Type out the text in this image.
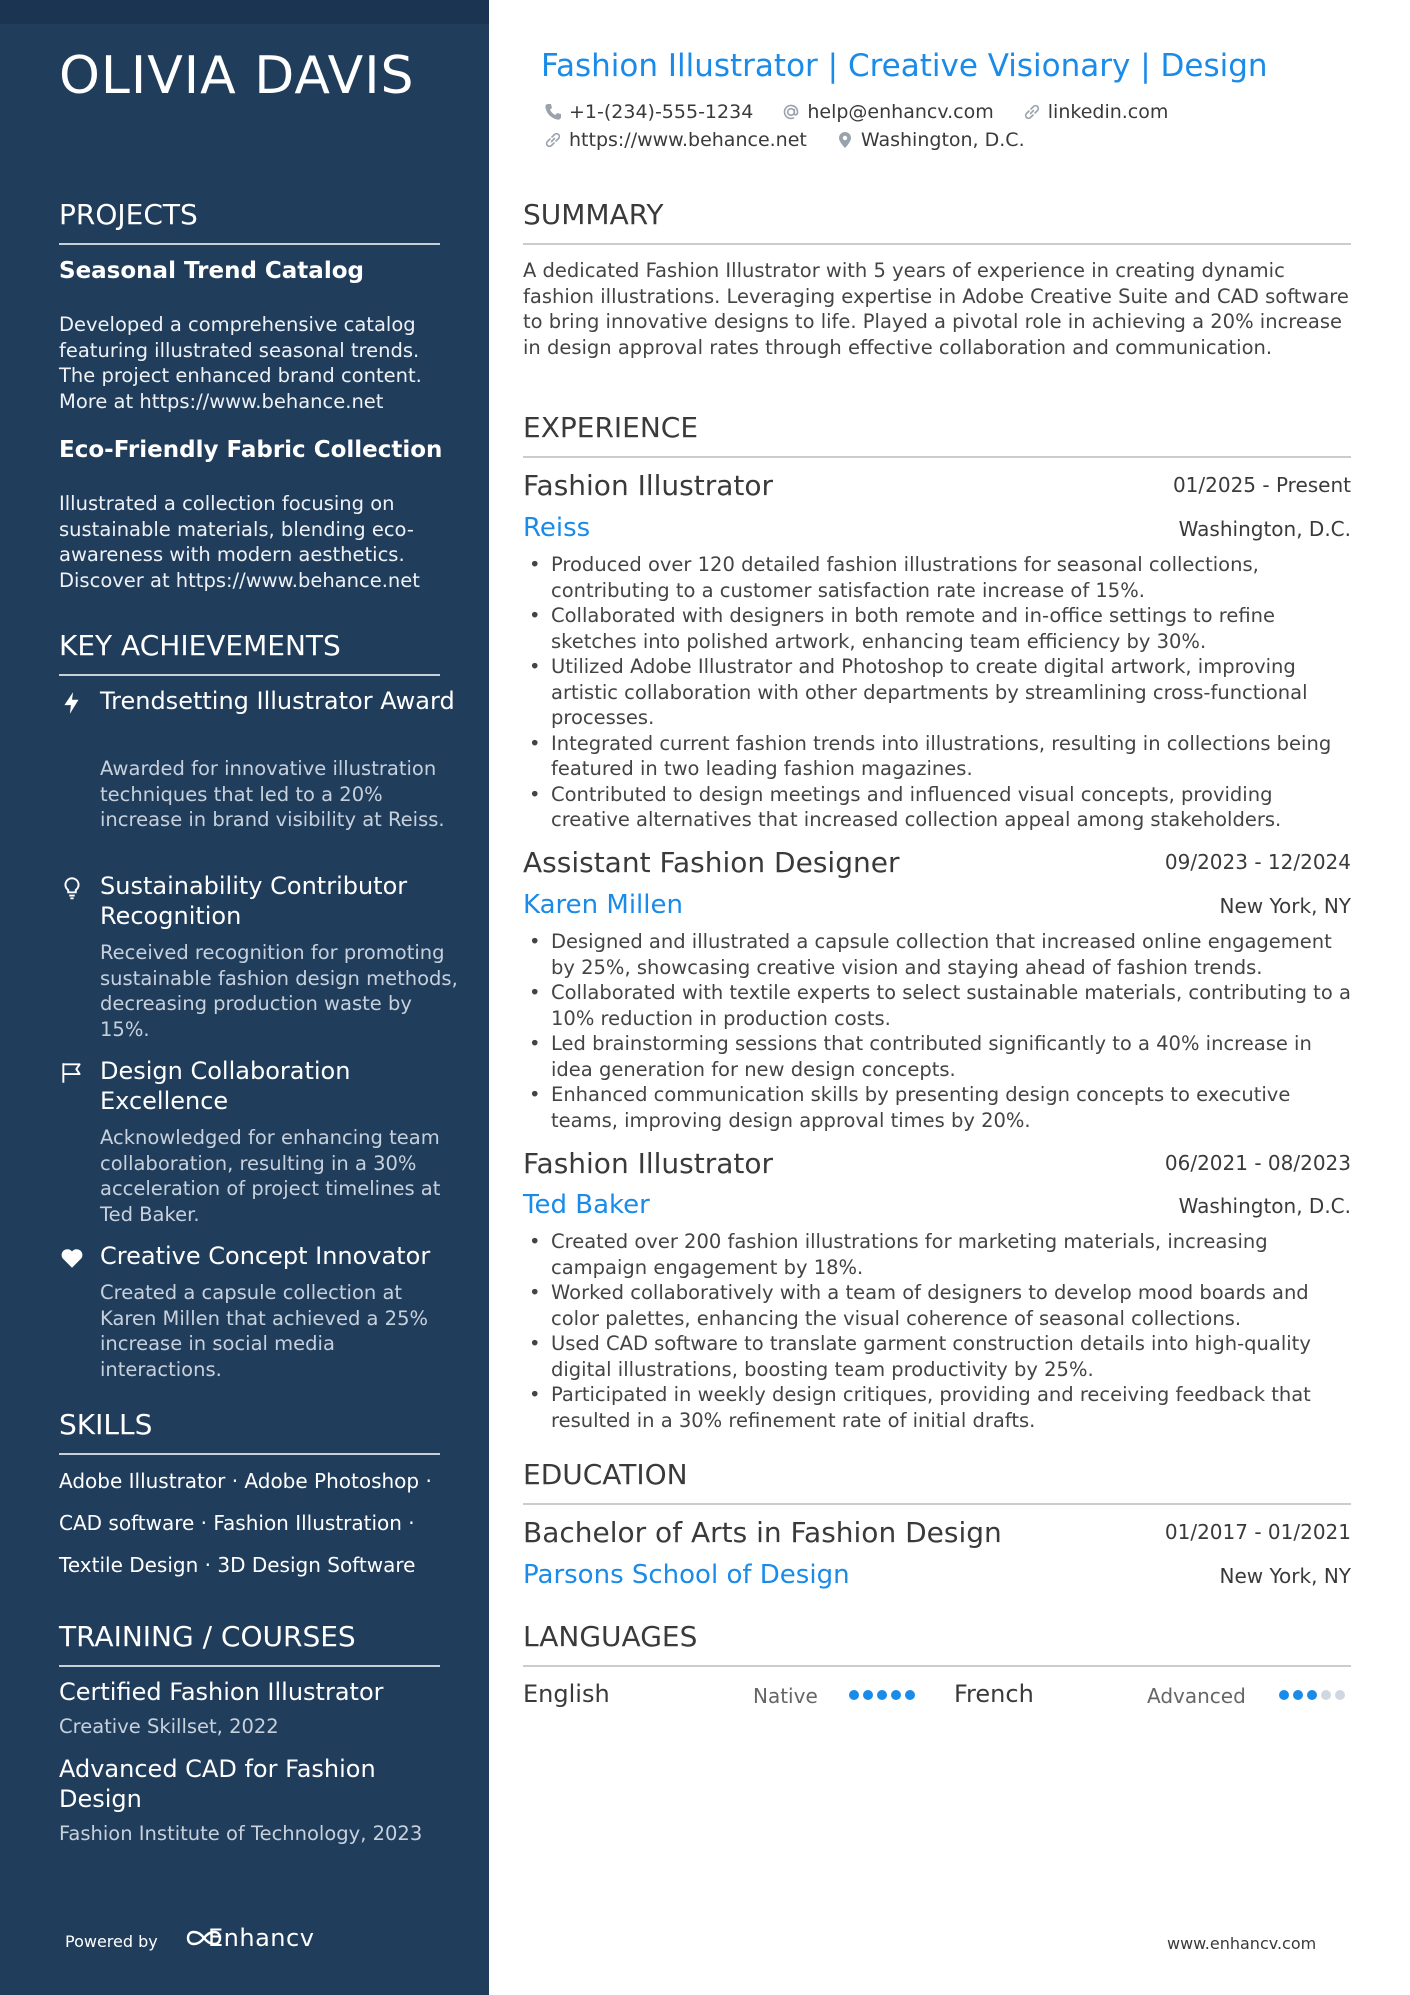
OLIVIA DAVIS
PROJECTS
Seasonal Trend Catalog
Developed a comprehensive catalog featuring illustrated seasonal trends. The project enhanced brand content. More at https://www.behance.net
Eco-Friendly Fabric Collection
Illustrated a collection focusing on sustainable materials, blending eco-awareness with modern aesthetics. Discover at https://www.behance.net
KEY ACHIEVEMENTS
Trendsetting Illustrator Award
Awarded for innovative illustration techniques that led to a 20% increase in brand visibility at Reiss.
Sustainability Contributor Recognition
Received recognition for promoting sustainable fashion design methods, decreasing production waste by 15%.
Design Collaboration Excellence
Acknowledged for enhancing team collaboration, resulting in a 30% acceleration of project timelines at Ted Baker.
Creative Concept Innovator
Created a capsule collection at Karen Millen that achieved a 25% increase in social media interactions.
SKILLS
Adobe Illustrator · Adobe Photoshop ·
CAD software · Fashion Illustration ·
Textile Design · 3D Design Software
TRAINING / COURSES
Certified Fashion Illustrator
Creative Skillset, 2022
Advanced CAD for Fashion Design
Fashion Institute of Technology, 2023
Powered by Enhancv
Fashion Illustrator | Creative Visionary | Design
+1-(234)-555-1234	help@enhancv.com	linkedin.com
https://www.behance.net	Washington, D.C.
SUMMARY
A dedicated Fashion Illustrator with 5 years of experience in creating dynamic fashion illustrations. Leveraging expertise in Adobe Creative Suite and CAD software to bring innovative designs to life. Played a pivotal role in achieving a 20% increase in design approval rates through effective collaboration and communication.
EXPERIENCE
Fashion Illustrator	01/2025 - Present
Reiss	Washington, D.C.
• Produced over 120 detailed fashion illustrations for seasonal collections, contributing to a customer satisfaction rate increase of 15%.
• Collaborated with designers in both remote and in-office settings to refine sketches into polished artwork, enhancing team efficiency by 30%.
• Utilized Adobe Illustrator and Photoshop to create digital artwork, improving artistic collaboration with other departments by streamlining cross-functional processes.
• Integrated current fashion trends into illustrations, resulting in collections being featured in two leading fashion magazines.
• Contributed to design meetings and influenced visual concepts, providing creative alternatives that increased collection appeal among stakeholders.
Assistant Fashion Designer	09/2023 - 12/2024
Karen Millen	New York, NY
• Designed and illustrated a capsule collection that increased online engagement by 25%, showcasing creative vision and staying ahead of fashion trends.
• Collaborated with textile experts to select sustainable materials, contributing to a 10% reduction in production costs.
• Led brainstorming sessions that contributed significantly to a 40% increase in idea generation for new design concepts.
• Enhanced communication skills by presenting design concepts to executive teams, improving design approval times by 20%.
Fashion Illustrator	06/2021 - 08/2023
Ted Baker	Washington, D.C.
• Created over 200 fashion illustrations for marketing materials, increasing campaign engagement by 18%.
• Worked collaboratively with a team of designers to develop mood boards and color palettes, enhancing the visual coherence of seasonal collections.
• Used CAD software to translate garment construction details into high-quality digital illustrations, boosting team productivity by 25%.
• Participated in weekly design critiques, providing and receiving feedback that resulted in a 30% refinement rate of initial drafts.
EDUCATION
Bachelor of Arts in Fashion Design	01/2017 - 01/2021
Parsons School of Design	New York, NY
LANGUAGES
English	Native	French	Advanced
www.enhancv.com
